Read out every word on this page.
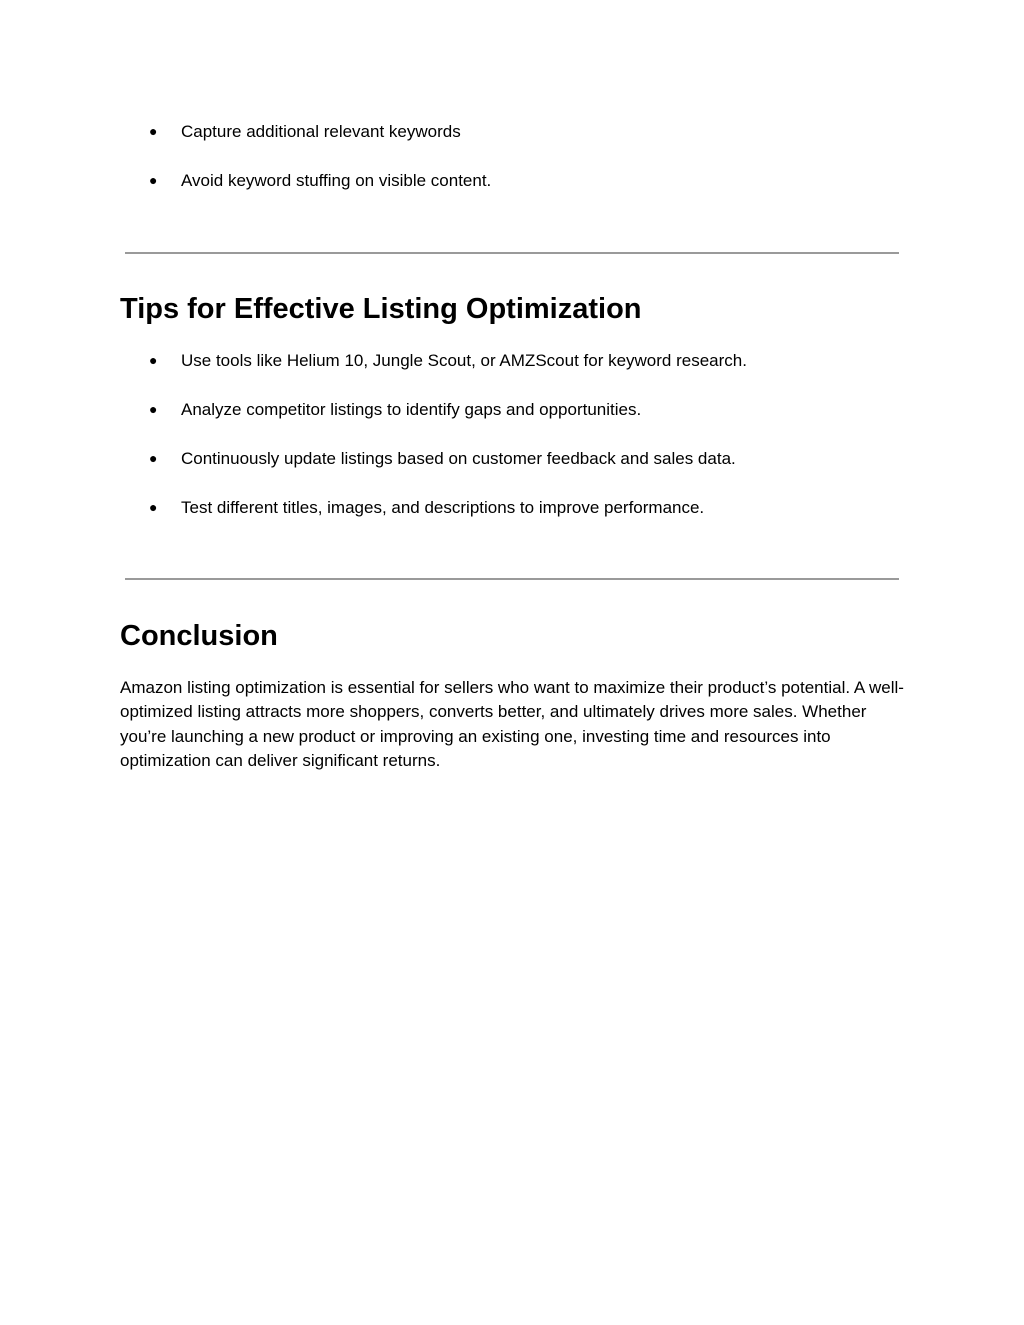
● Capture additional relevant keywords
● Avoid keyword stuffing on visible content.
Tips for Effective Listing Optimization
● Use tools like Helium 10, Jungle Scout, or AMZScout for keyword research.
● Analyze competitor listings to identify gaps and opportunities.
● Continuously update listings based on customer feedback and sales data.
● Test different titles, images, and descriptions to improve performance.
Conclusion

Amazon listing optimization is essential for sellers who want to maximize their product’s potential. A well-optimized listing attracts more shoppers, converts better, and ultimately drives more sales. Whether you’re launching a new product or improving an existing one, investing time and resources into optimization can deliver significant returns.
